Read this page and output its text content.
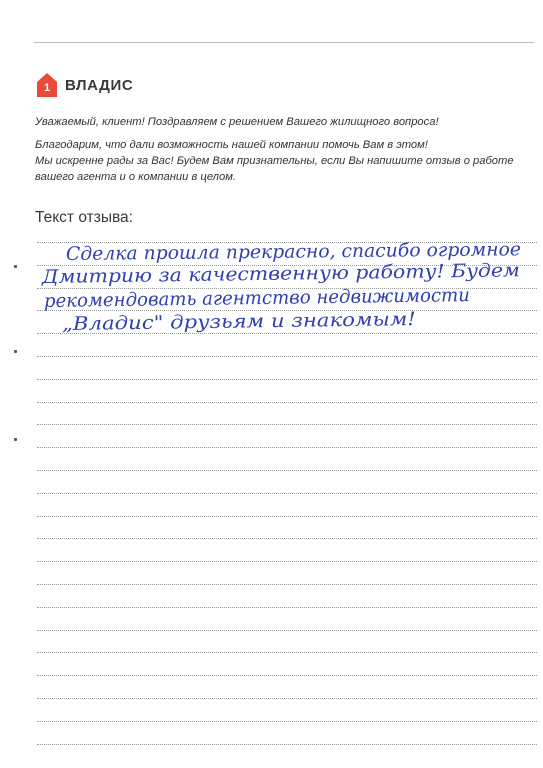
1 ВЛАДИС
Уважаемый, клиент! Поздравляем с решением Вашего жилищного вопроса!
Благодарим, что дали возможность нашей компании помочь Вам в этом!
Мы искренне рады за Вас! Будем Вам признательны, если Вы напишите отзыв о работе
вашего агента и о компании в целом.
Текст отзыва:
Сделка прошла прекрасно, спасибо огромное
Дмитрию за качественную работу! Будем
рекомендовать агентство недвижимости
„Владис" друзьям и знакомым!
